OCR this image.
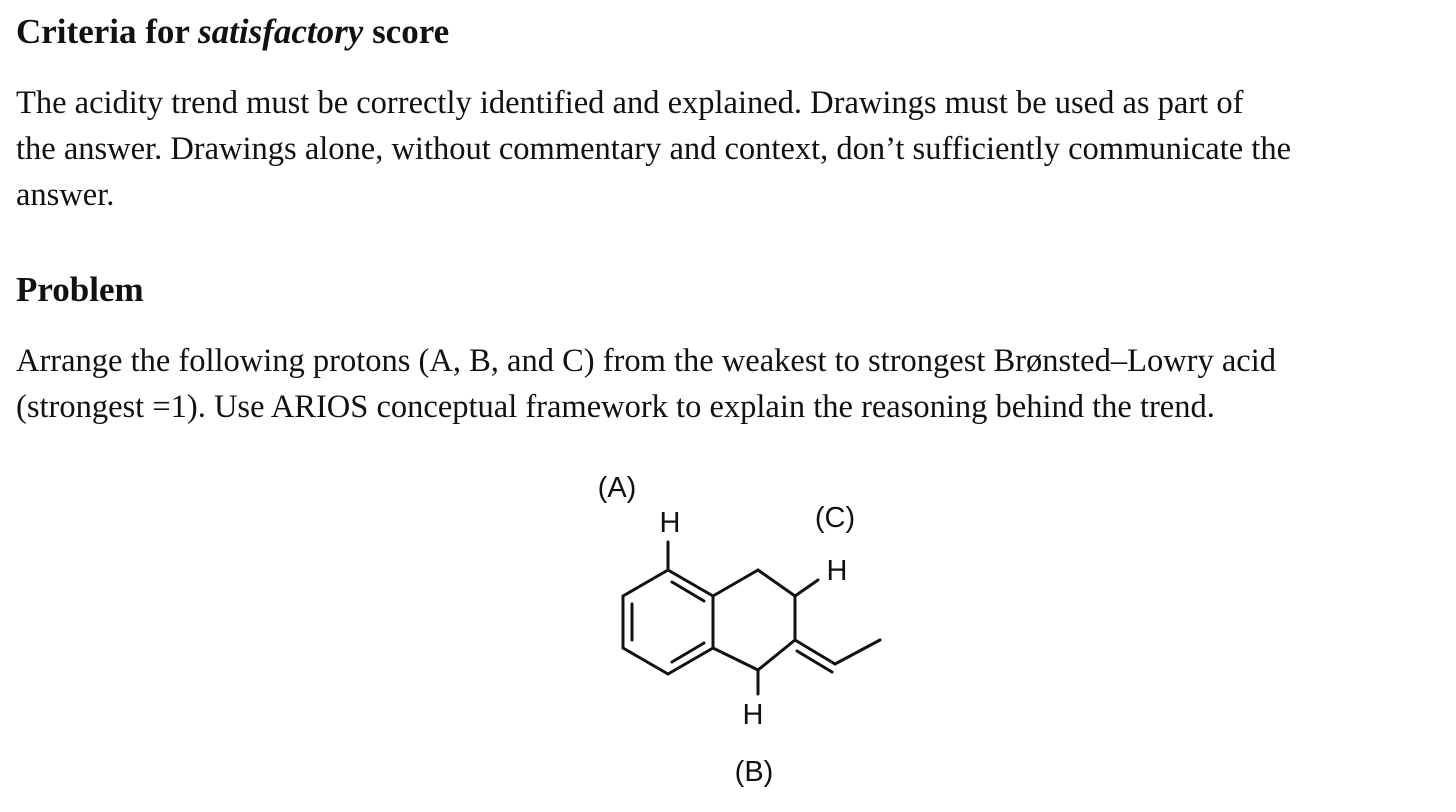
Criteria for satisfactory score

The acidity trend must be correctly identified and explained. Drawings must be used as part of
the answer. Drawings alone, without commentary and context, don’t sufficiently communicate the
answer.

Problem

Arrange the following protons (A, B, and C) from the weakest to strongest Brønsted–Lowry acid
(strongest =1). Use ARIOS conceptual framework to explain the reasoning behind the trend.

H
H
H
(A)
(C)
(B)
